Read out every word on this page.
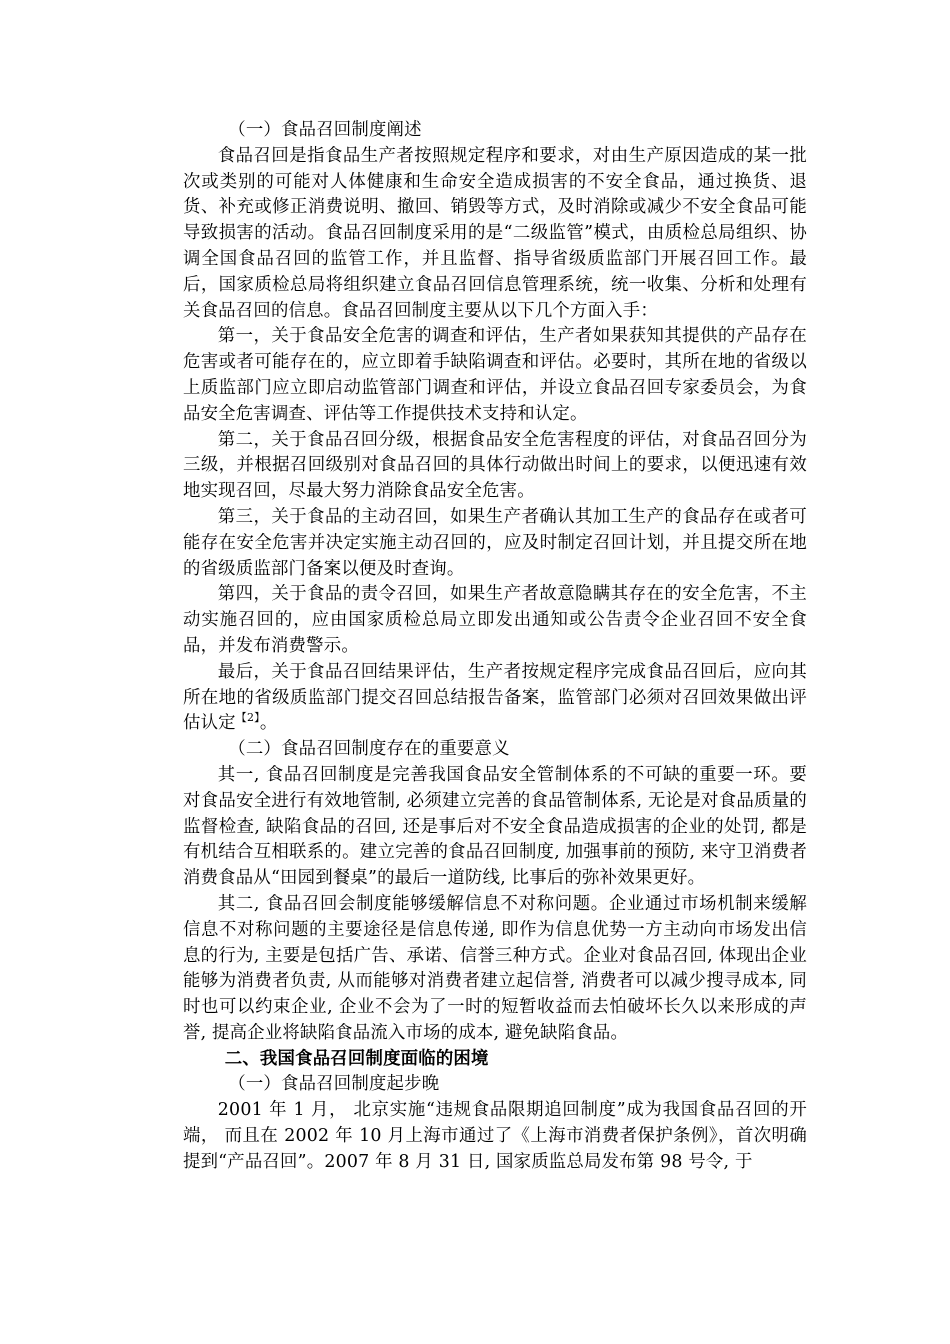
（一）食品召回制度阐述

食品召回是指食品生产者按照规定程序和要求，对由生产原因造成的某一批次或类别的可能对人体健康和生命安全造成损害的不安全食品，通过换货、退货、补充或修正消费说明、撤回、销毁等方式，及时消除或减少不安全食品可能导致损害的活动。食品召回制度采用的是“二级监管”模式，由质检总局组织、协调全国食品召回的监管工作，并且监督、指导省级质监部门开展召回工作。最后，国家质检总局将组织建立食品召回信息管理系统，统一收集、分析和处理有关食品召回的信息。食品召回制度主要从以下几个方面入手：

第一，关于食品安全危害的调查和评估，生产者如果获知其提供的产品存在危害或者可能存在的，应立即着手缺陷调查和评估。必要时，其所在地的省级以上质监部门应立即启动监管部门调查和评估，并设立食品召回专家委员会，为食品安全危害调查、评估等工作提供技术支持和认定。

第二，关于食品召回分级，根据食品安全危害程度的评估，对食品召回分为三级，并根据召回级别对食品召回的具体行动做出时间上的要求，以便迅速有效地实现召回，尽最大努力消除食品安全危害。

第三，关于食品的主动召回，如果生产者确认其加工生产的食品存在或者可能存在安全危害并决定实施主动召回的，应及时制定召回计划，并且提交所在地的省级质监部门备案以便及时查询。

第四，关于食品的责令召回，如果生产者故意隐瞒其存在的安全危害，不主动实施召回的，应由国家质检总局立即发出通知或公告责令企业召回不安全食品，并发布消费警示。

最后，关于食品召回结果评估，生产者按规定程序完成食品召回后，应向其所在地的省级质监部门提交召回总结报告备案，监管部门必须对召回效果做出评估认定$^{【2】}$。

（二）食品召回制度存在的重要意义

其一, 食品召回制度是完善我国食品安全管制体系的不可缺的重要一环。要对食品安全进行有效地管制, 必须建立完善的食品管制体系, 无论是对食品质量的监督检查, 缺陷食品的召回, 还是事后对不安全食品造成损害的企业的处罚, 都是有机结合互相联系的。建立完善的食品召回制度, 加强事前的预防, 来守卫消费者消费食品从“田园到餐桌”的最后一道防线, 比事后的弥补效果更好。

其二, 食品召回会制度能够缓解信息不对称问题。企业通过市场机制来缓解信息不对称问题的主要途径是信息传递, 即作为信息优势一方主动向市场发出信息的行为, 主要是包括广告、承诺、信誉三种方式。企业对食品召回, 体现出企业能够为消费者负责, 从而能够对消费者建立起信誉, 消费者可以减少搜寻成本, 同时也可以约束企业, 企业不会为了一时的短暂收益而去怕破坏长久以来形成的声誉, 提高企业将缺陷食品流入市场的成本, 避免缺陷食品。

二、我国食品召回制度面临的困境

（一）食品召回制度起步晚

2001 年 1 月， 北京实施“违规食品限期追回制度”成为我国食品召回的开端， 而且在 2002 年 10 月上海市通过了《上海市消费者保护条例》，首次明确提到“产品召回”。2007 年 8 月 31 日, 国家质监总局发布第 98 号令, 于
